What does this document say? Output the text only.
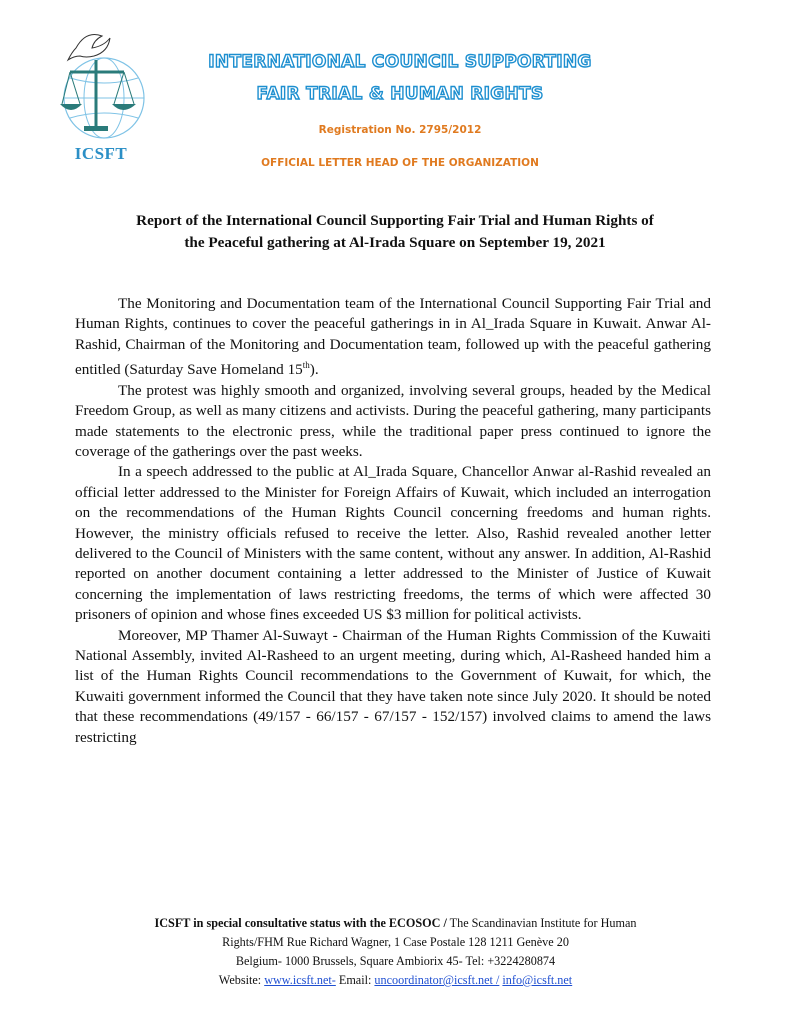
ICSFT
INTERNATIONAL COUNCIL SUPPORTING
FAIR TRIAL & HUMAN RIGHTS
Registration No. 2795/2012
OFFICIAL LETTER HEAD OF THE ORGANIZATION
Report of the International Council Supporting Fair Trial and Human Rights of
the Peaceful gathering at Al-Irada Square on September 19, 2021

The Monitoring and Documentation team of the International Council Supporting Fair Trial and Human Rights, continues to cover the peaceful gatherings in in Al_Irada Square in Kuwait. Anwar Al-Rashid, Chairman of the Monitoring and Documentation team, followed up with the peaceful gathering entitled (Saturday Save Homeland 15th).

The protest was highly smooth and organized, involving several groups, headed by the Medical Freedom Group, as well as many citizens and activists. During the peaceful gathering, many participants made statements to the electronic press, while the traditional paper press continued to ignore the coverage of the gatherings over the past weeks.

In a speech addressed to the public at Al_Irada Square, Chancellor Anwar al-Rashid revealed an official letter addressed to the Minister for Foreign Affairs of Kuwait, which included an interrogation on the recommendations of the Human Rights Council concerning freedoms and human rights. However, the ministry officials refused to receive the letter. Also, Rashid revealed another letter delivered to the Council of Ministers with the same content, without any answer. In addition, Al-Rashid reported on another document containing a letter addressed to the Minister of Justice of Kuwait concerning the implementation of laws restricting freedoms, the terms of which were affected 30 prisoners of opinion and whose fines exceeded US $3 million for political activists.

Moreover, MP Thamer Al-Suwayt - Chairman of the Human Rights Commission of the Kuwaiti National Assembly, invited Al-Rasheed to an urgent meeting, during which, Al-Rasheed handed him a list of the Human Rights Council recommendations to the Government of Kuwait, for which, the Kuwaiti government informed the Council that they have taken note since July 2020. It should be noted that these recommendations (49/157 - 66/157 - 67/157 - 152/157) involved claims to amend the laws restricting

ICSFT in special consultative status with the ECOSOC / The Scandinavian Institute for Human
Rights/FHM Rue Richard Wagner, 1 Case Postale 128 1211 Genève 20
Belgium- 1000 Brussels, Square Ambiorix 45- Tel: +3224280874
Website: www.icsft.net- Email: uncoordinator@icsft.net / info@icsft.net
